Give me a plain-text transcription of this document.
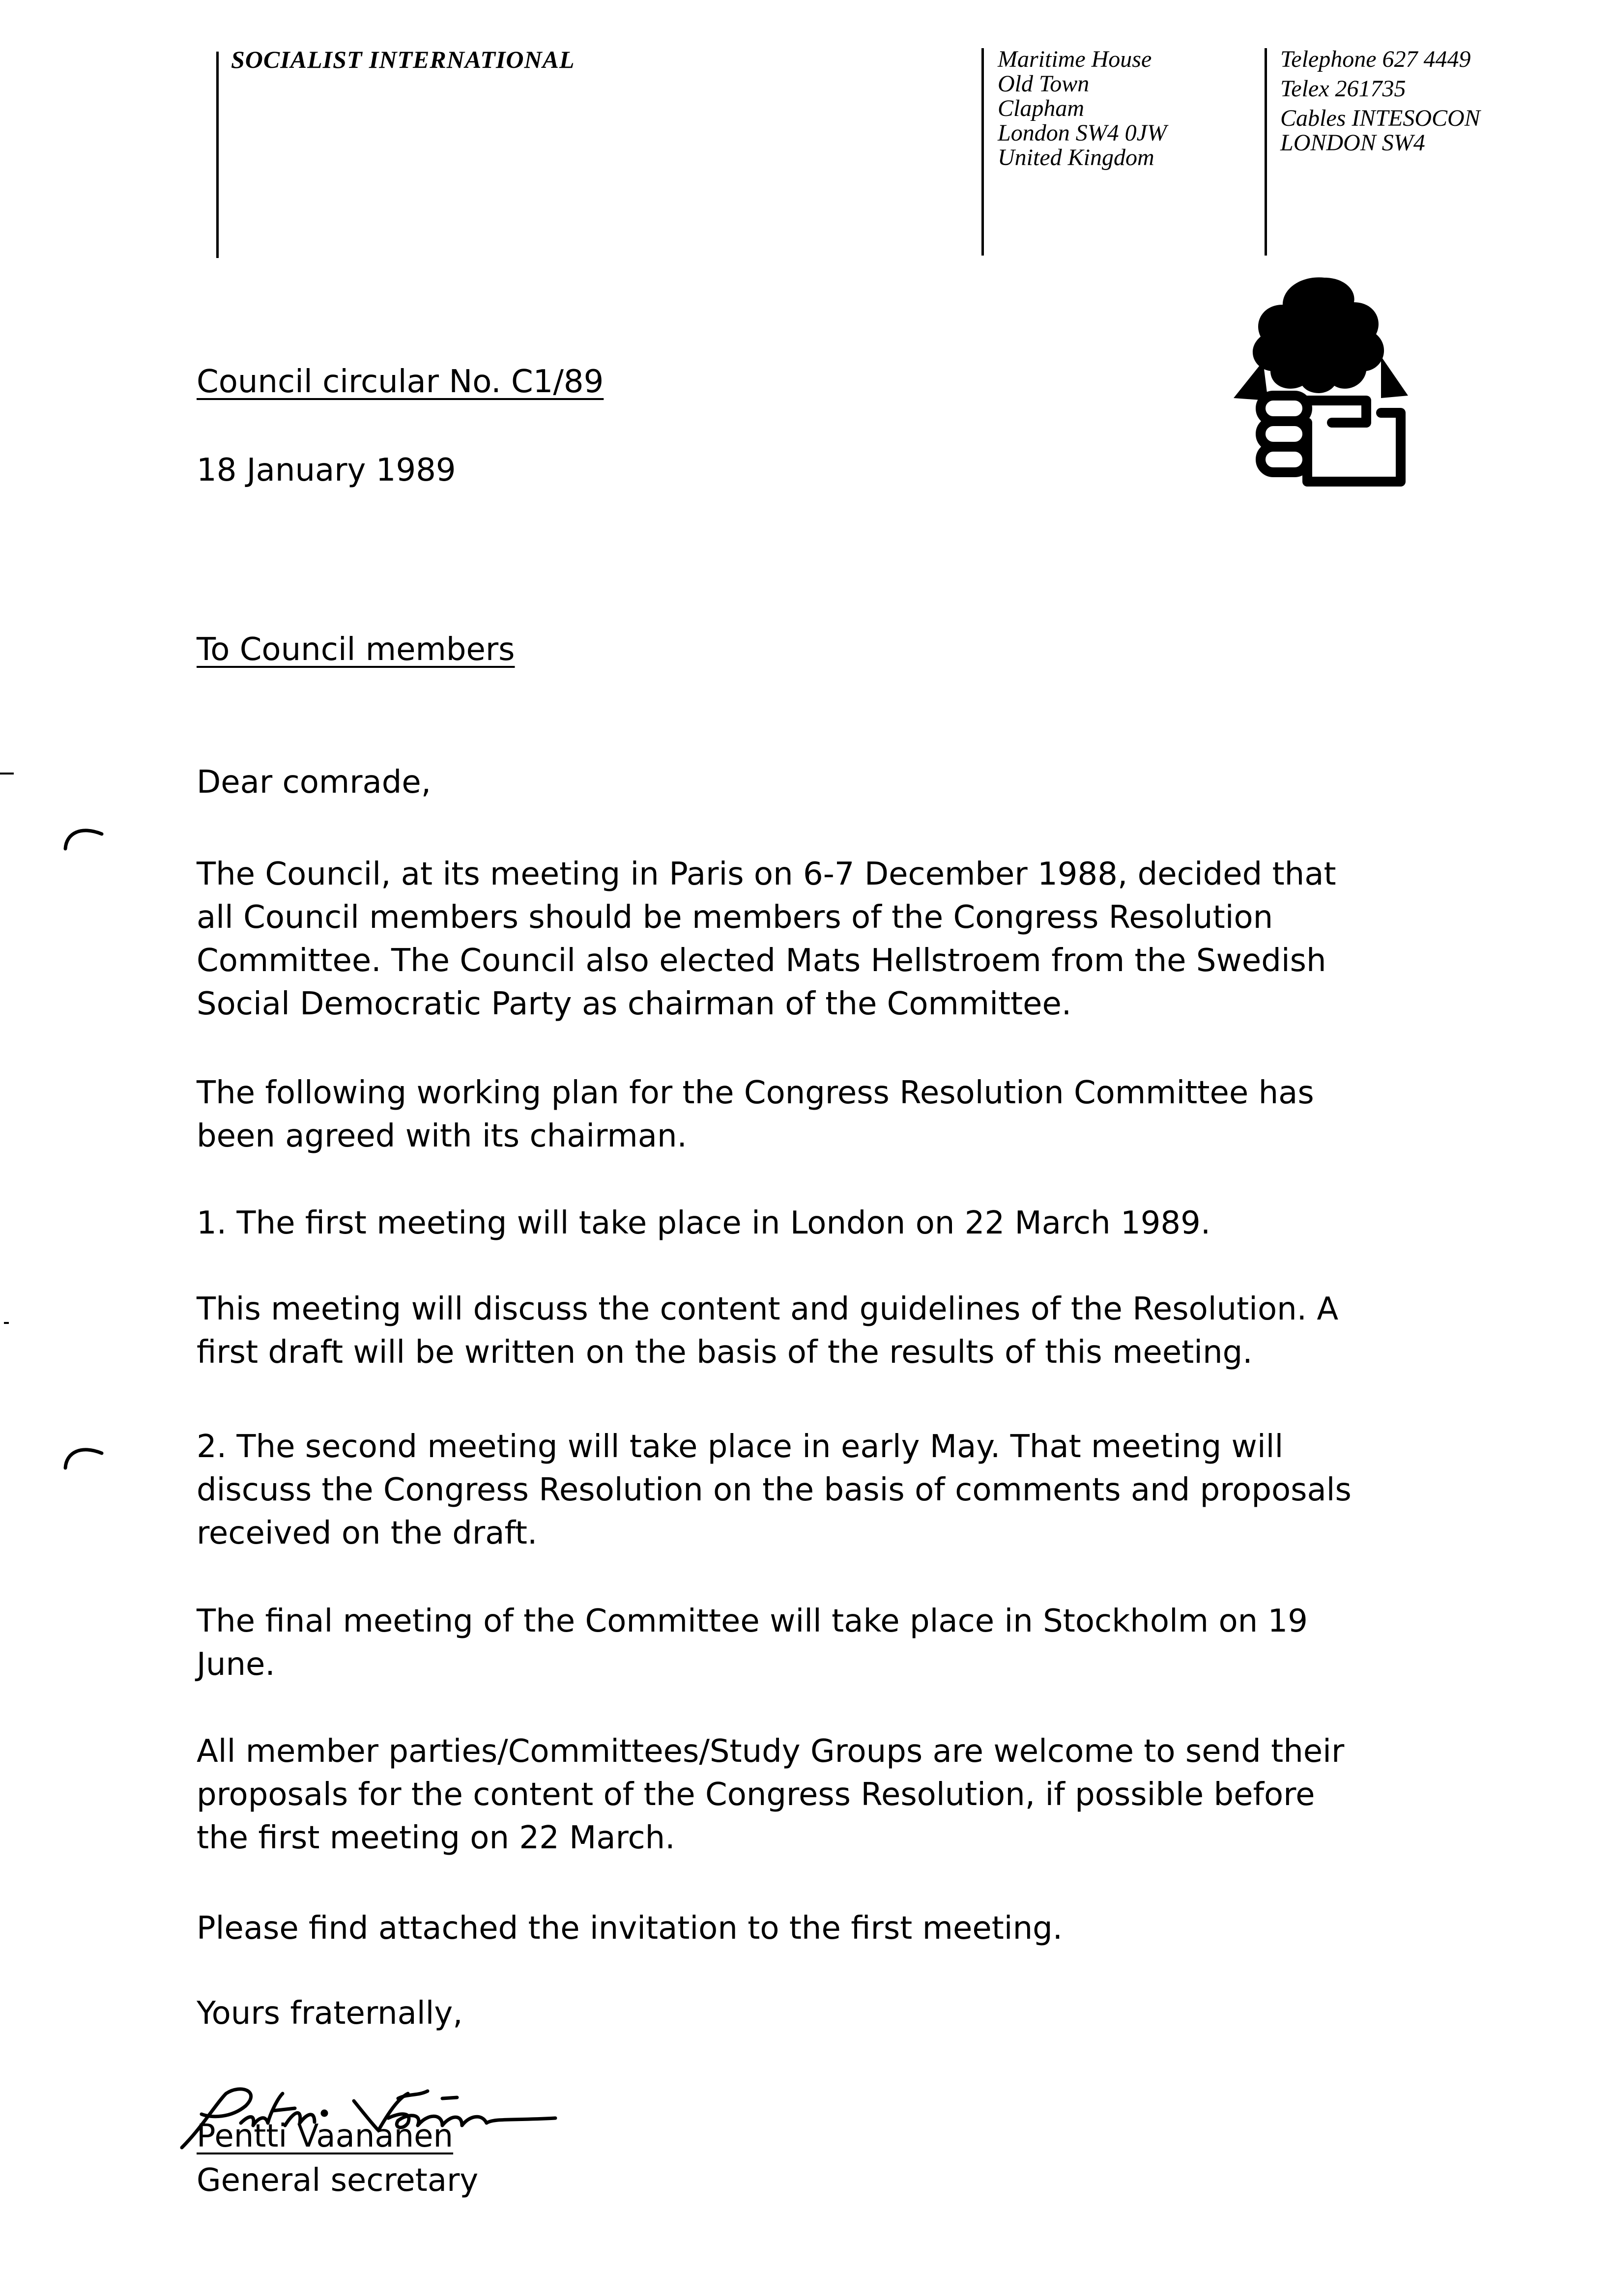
SOCIALIST INTERNATIONAL	Maritime House
Old Town
Clapham
London SW4 0JW
United Kingdom
Telephone 627 4449
Telex 261735
Cables INTESOCON
LONDON SW4
Council circular No. C1/89
18 January 1989
To Council members
Dear comrade,
The Council, at its meeting in Paris on 6-7 December 1988, decided that
all Council members should be members of the Congress Resolution
Committee. The Council also elected Mats Hellstroem from the Swedish
Social Democratic Party as chairman of the Committee.
The following working plan for the Congress Resolution Committee has
been agreed with its chairman.
1. The first meeting will take place in London on 22 March 1989.
This meeting will discuss the content and guidelines of the Resolution. A
first draft will be written on the basis of the results of this meeting.
2. The second meeting will take place in early May. That meeting will
discuss the Congress Resolution on the basis of comments and proposals
received on the draft.
The final meeting of the Committee will take place in Stockholm on 19
June.
All member parties/Committees/Study Groups are welcome to send their
proposals for the content of the Congress Resolution, if possible before
the first meeting on 22 March.
Please find attached the invitation to the first meeting.
Yours fraternally,
Pentti Vaananen
General secretary
